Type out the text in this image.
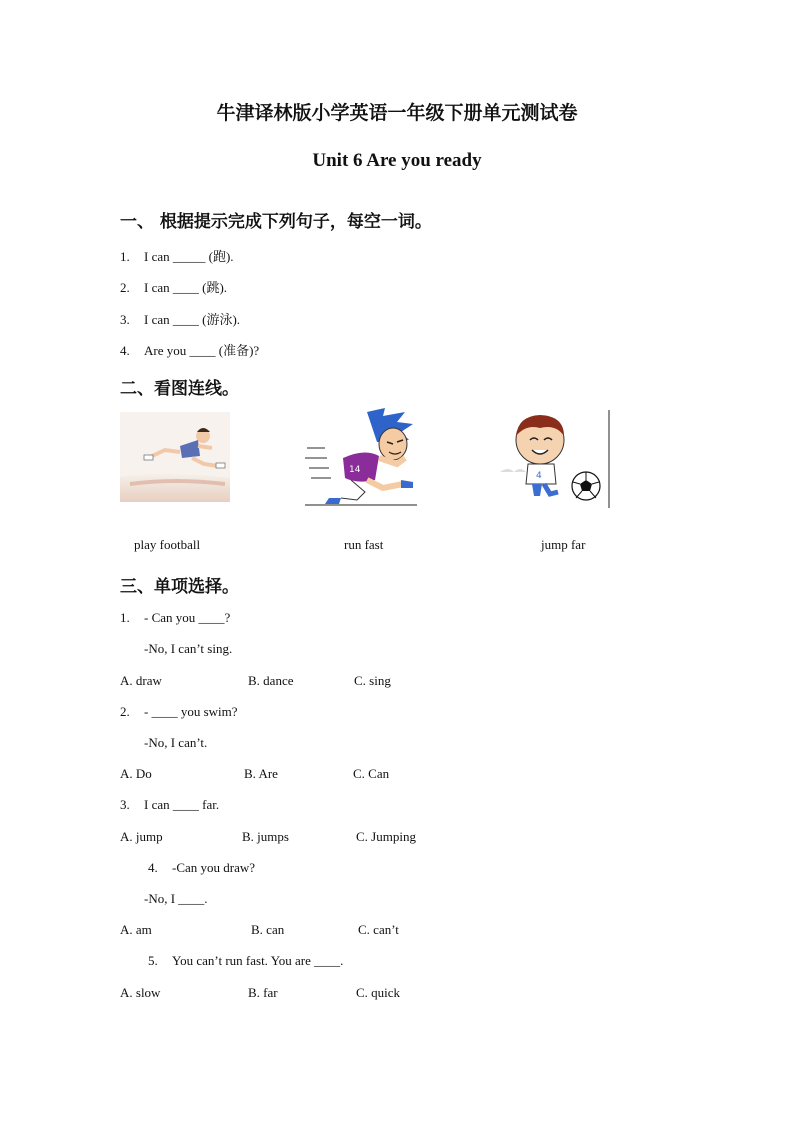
牛津译林版小学英语一年级下册单元测试卷
Unit 6 Are you ready
一、 根据提示完成下列句子，每空一词。
1. I can _____ (跑).
2. I can ____ (跳).
3. I can ____ (游泳).
4. Are you ____ (准备)?
二、看图连线。
14
4
play football	run fast	jump far
三、单项选择。
1. - Can you ____?
-No, I can’t sing.
A. draw	B. dance	C. sing
2. - ____ you swim?
-No, I can’t.
A. Do	B. Are	C. Can
3. I can ____ far.
A. jump	B. jumps	C. Jumping
4. -Can you draw?
-No, I ____.
A. am	B. can	C. can’t
5. You can’t run fast. You are ____.
A. slow	B. far	C. quick
